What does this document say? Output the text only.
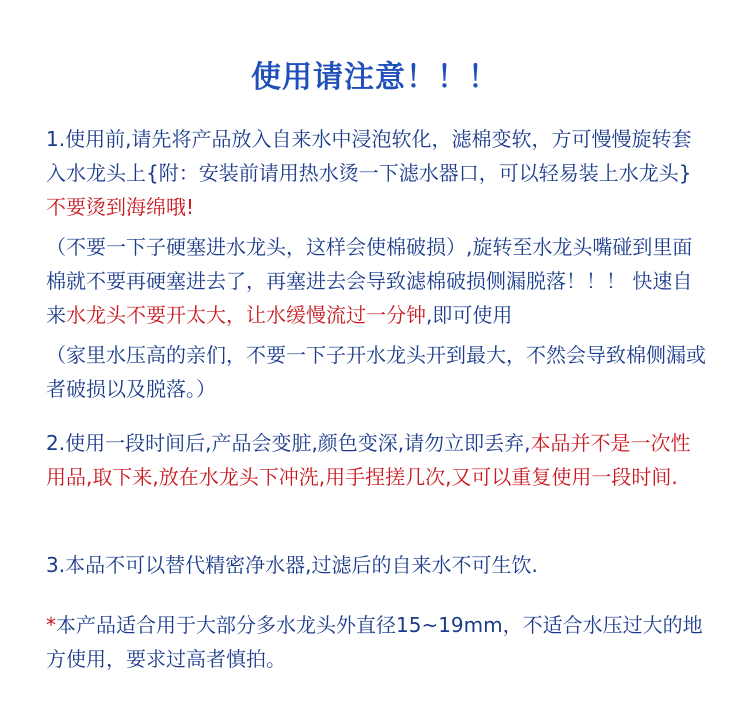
使用请注意！！！

1.使用前,请先将产品放入自来水中浸泡软化，滤棉变软，方可慢慢旋转套入水龙头上{附：安装前请用热水烫一下滤水器口，可以轻易装上水龙头}不要烫到海绵哦!

（不要一下子硬塞进水龙头，这样会使棉破损）,旋转至水龙头嘴碰到里面棉就不要再硬塞进去了，再塞进去会导致滤棉破损侧漏脱落！！！ 快速自来水龙头不要开太大，让水缓慢流过一分钟,即可使用

（家里水压高的亲们，不要一下子开水龙头开到最大，不然会导致棉侧漏或者破损以及脱落。）

2.使用一段时间后,产品会变脏,颜色变深,请勿立即丢弃,本品并不是一次性用品,取下来,放在水龙头下冲洗,用手捏搓几次,又可以重复使用一段时间.

3.本品不可以替代精密净水器,过滤后的自来水不可生饮.

*本产品适合用于大部分多水龙头外直径15~19mm，不适合水压过大的地方使用，要求过高者慎拍。
